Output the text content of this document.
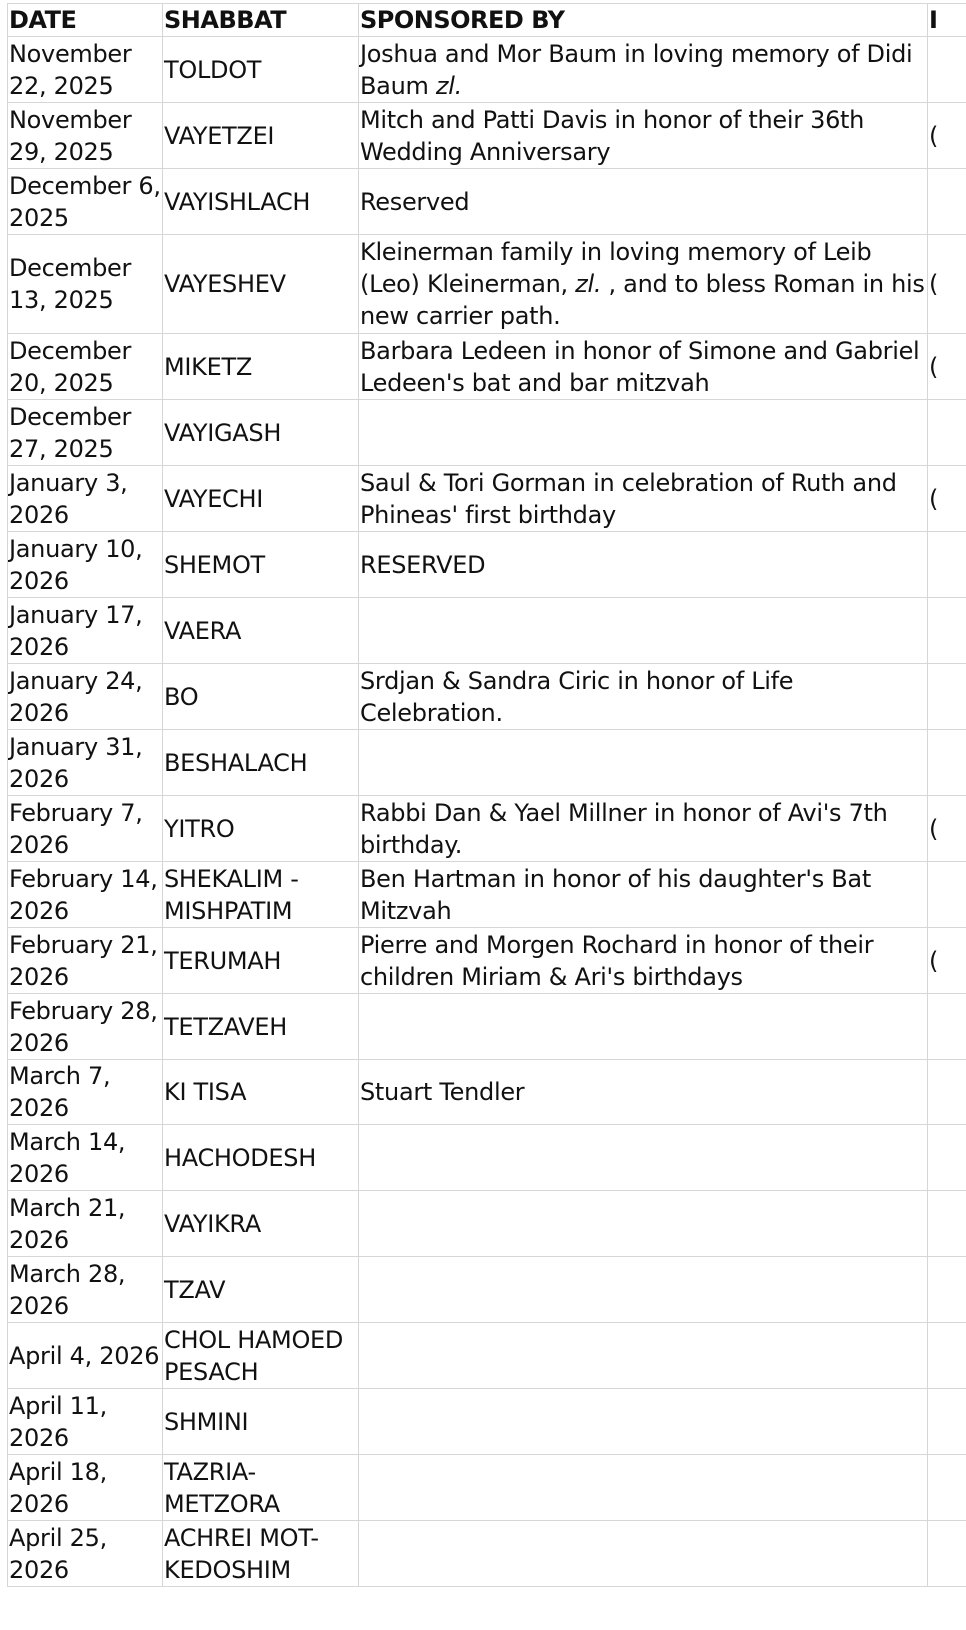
DATE	SHABBAT	SPONSORED BY	I
November 22, 2025	TOLDOT	Joshua and Mor Baum in loving memory of Didi Baum zl.	
November 29, 2025	VAYETZEI	Mitch and Patti Davis in honor of their 36th Wedding Anniversary	(
December 6, 2025	VAYISHLACH	Reserved	
December 13, 2025	VAYESHEV	Kleinerman family in loving memory of Leib (Leo) Kleinerman, zl. , and to bless Roman in his new carrier path.	(
December 20, 2025	MIKETZ	Barbara Ledeen in honor of Simone and Gabriel Ledeen's bat and bar mitzvah	(
December 27, 2025	VAYIGASH		
January 3, 2026	VAYECHI	Saul & Tori Gorman in celebration of Ruth and Phineas' first birthday	(
January 10, 2026	SHEMOT	RESERVED	
January 17, 2026	VAERA		
January 24, 2026	BO	Srdjan & Sandra Ciric in honor of Life Celebration.	
January 31, 2026	BESHALACH		
February 7, 2026	YITRO	Rabbi Dan & Yael Millner in honor of Avi's 7th birthday.	(
February 14, 2026	SHEKALIM - MISHPATIM	Ben Hartman in honor of his daughter's Bat Mitzvah	
February 21, 2026	TERUMAH	Pierre and Morgen Rochard in honor of their children Miriam & Ari's birthdays	(
February 28, 2026	TETZAVEH		
March 7, 2026	KI TISA	Stuart Tendler	
March 14, 2026	HACHODESH		
March 21, 2026	VAYIKRA		
March 28, 2026	TZAV		
April 4, 2026	CHOL HAMOED PESACH		
April 11, 2026	SHMINI		
April 18, 2026	TAZRIA-METZORA		
April 25, 2026	ACHREI MOT-KEDOSHIM		
